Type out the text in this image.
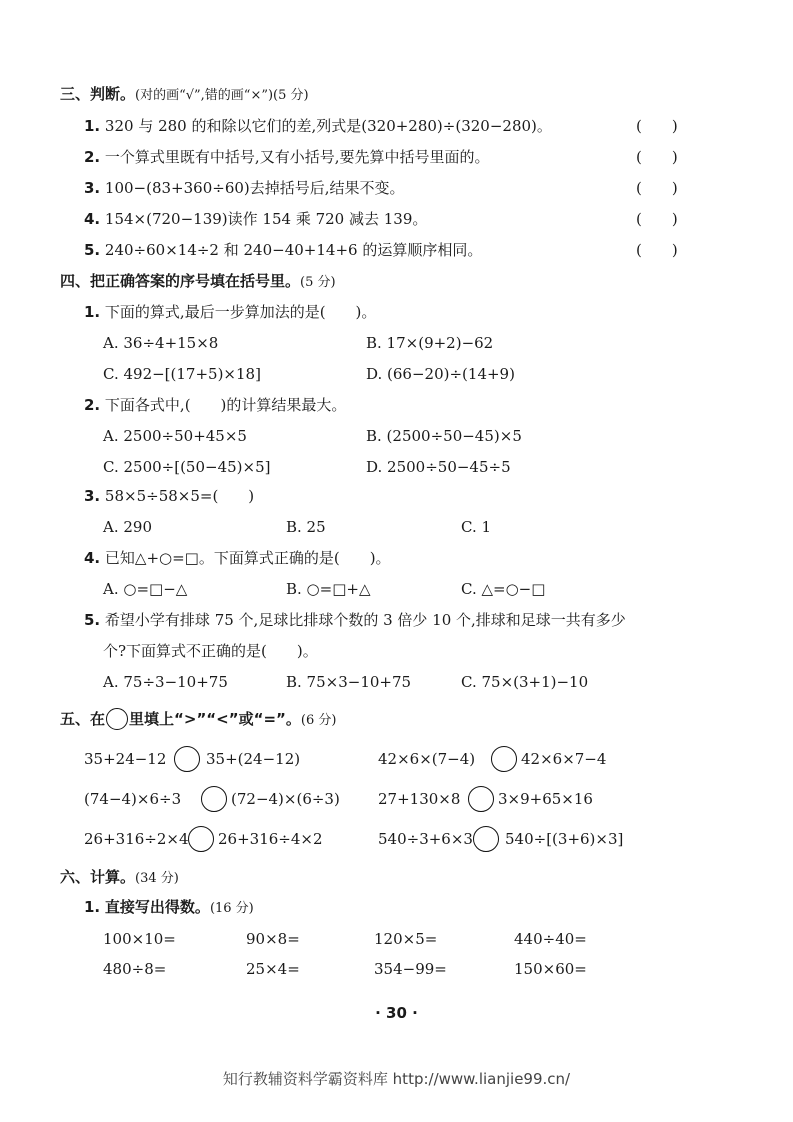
三、判断。(对的画“√”,错的画“×”)(5 分)
1. 320 与 280 的和除以它们的差,列式是(320+280)÷(320−280)。	(　　)
2. 一个算式里既有中括号,又有小括号,要先算中括号里面的。	(　　)
3. 100−(83+360÷60)去掉括号后,结果不变。	(　　)
4. 154×(720−139)读作 154 乘 720 减去 139。	(　　)
5. 240÷60×14÷2 和 240−40+14+6 的运算顺序相同。	(　　)
四、把正确答案的序号填在括号里。(5 分)
1. 下面的算式,最后一步算加法的是(　　)。
A. 36÷4+15×8	B. 17×(9+2)−62
C. 492−[(17+5)×18]	D. (66−20)÷(14+9)
2. 下面各式中,(　　)的计算结果最大。
A. 2500÷50+45×5	B. (2500÷50−45)×5
C. 2500÷[(50−45)×5]	D. 2500÷50−45÷5
3. 58×5÷58×5=(　　)
A. 290	B. 25	C. 1
4. 已知△+○=□。下面算式正确的是(　　)。
A. ○=□−△	B. ○=□+△	C. △=○−□
5. 希望小学有排球 75 个,足球比排球个数的 3 倍少 10 个,排球和足球一共有多少
个?下面算式不正确的是(　　)。
A. 75÷3−10+75	B. 75×3−10+75	C. 75×(3+1)−10
五、在 里填上“>”“<”或“=”。(6 分)
35+24−12	35+(24−12)	42×6×(7−4)	42×6×7−4
(74−4)×6÷3	(72−4)×(6÷3)	27+130×8	3×9+65×16
26+316÷2×4 26+316÷4×2	540÷3+6×3 540÷[(3+6)×3]
六、计算。(34 分)
1. 直接写出得数。(16 分)
100×10=	90×8=	120×5=	440÷40=
480÷8=	25×4=	354−99=	150×60=
· 30 ·
知行教辅资料学霸资料库 http://www.lianjie99.cn/
